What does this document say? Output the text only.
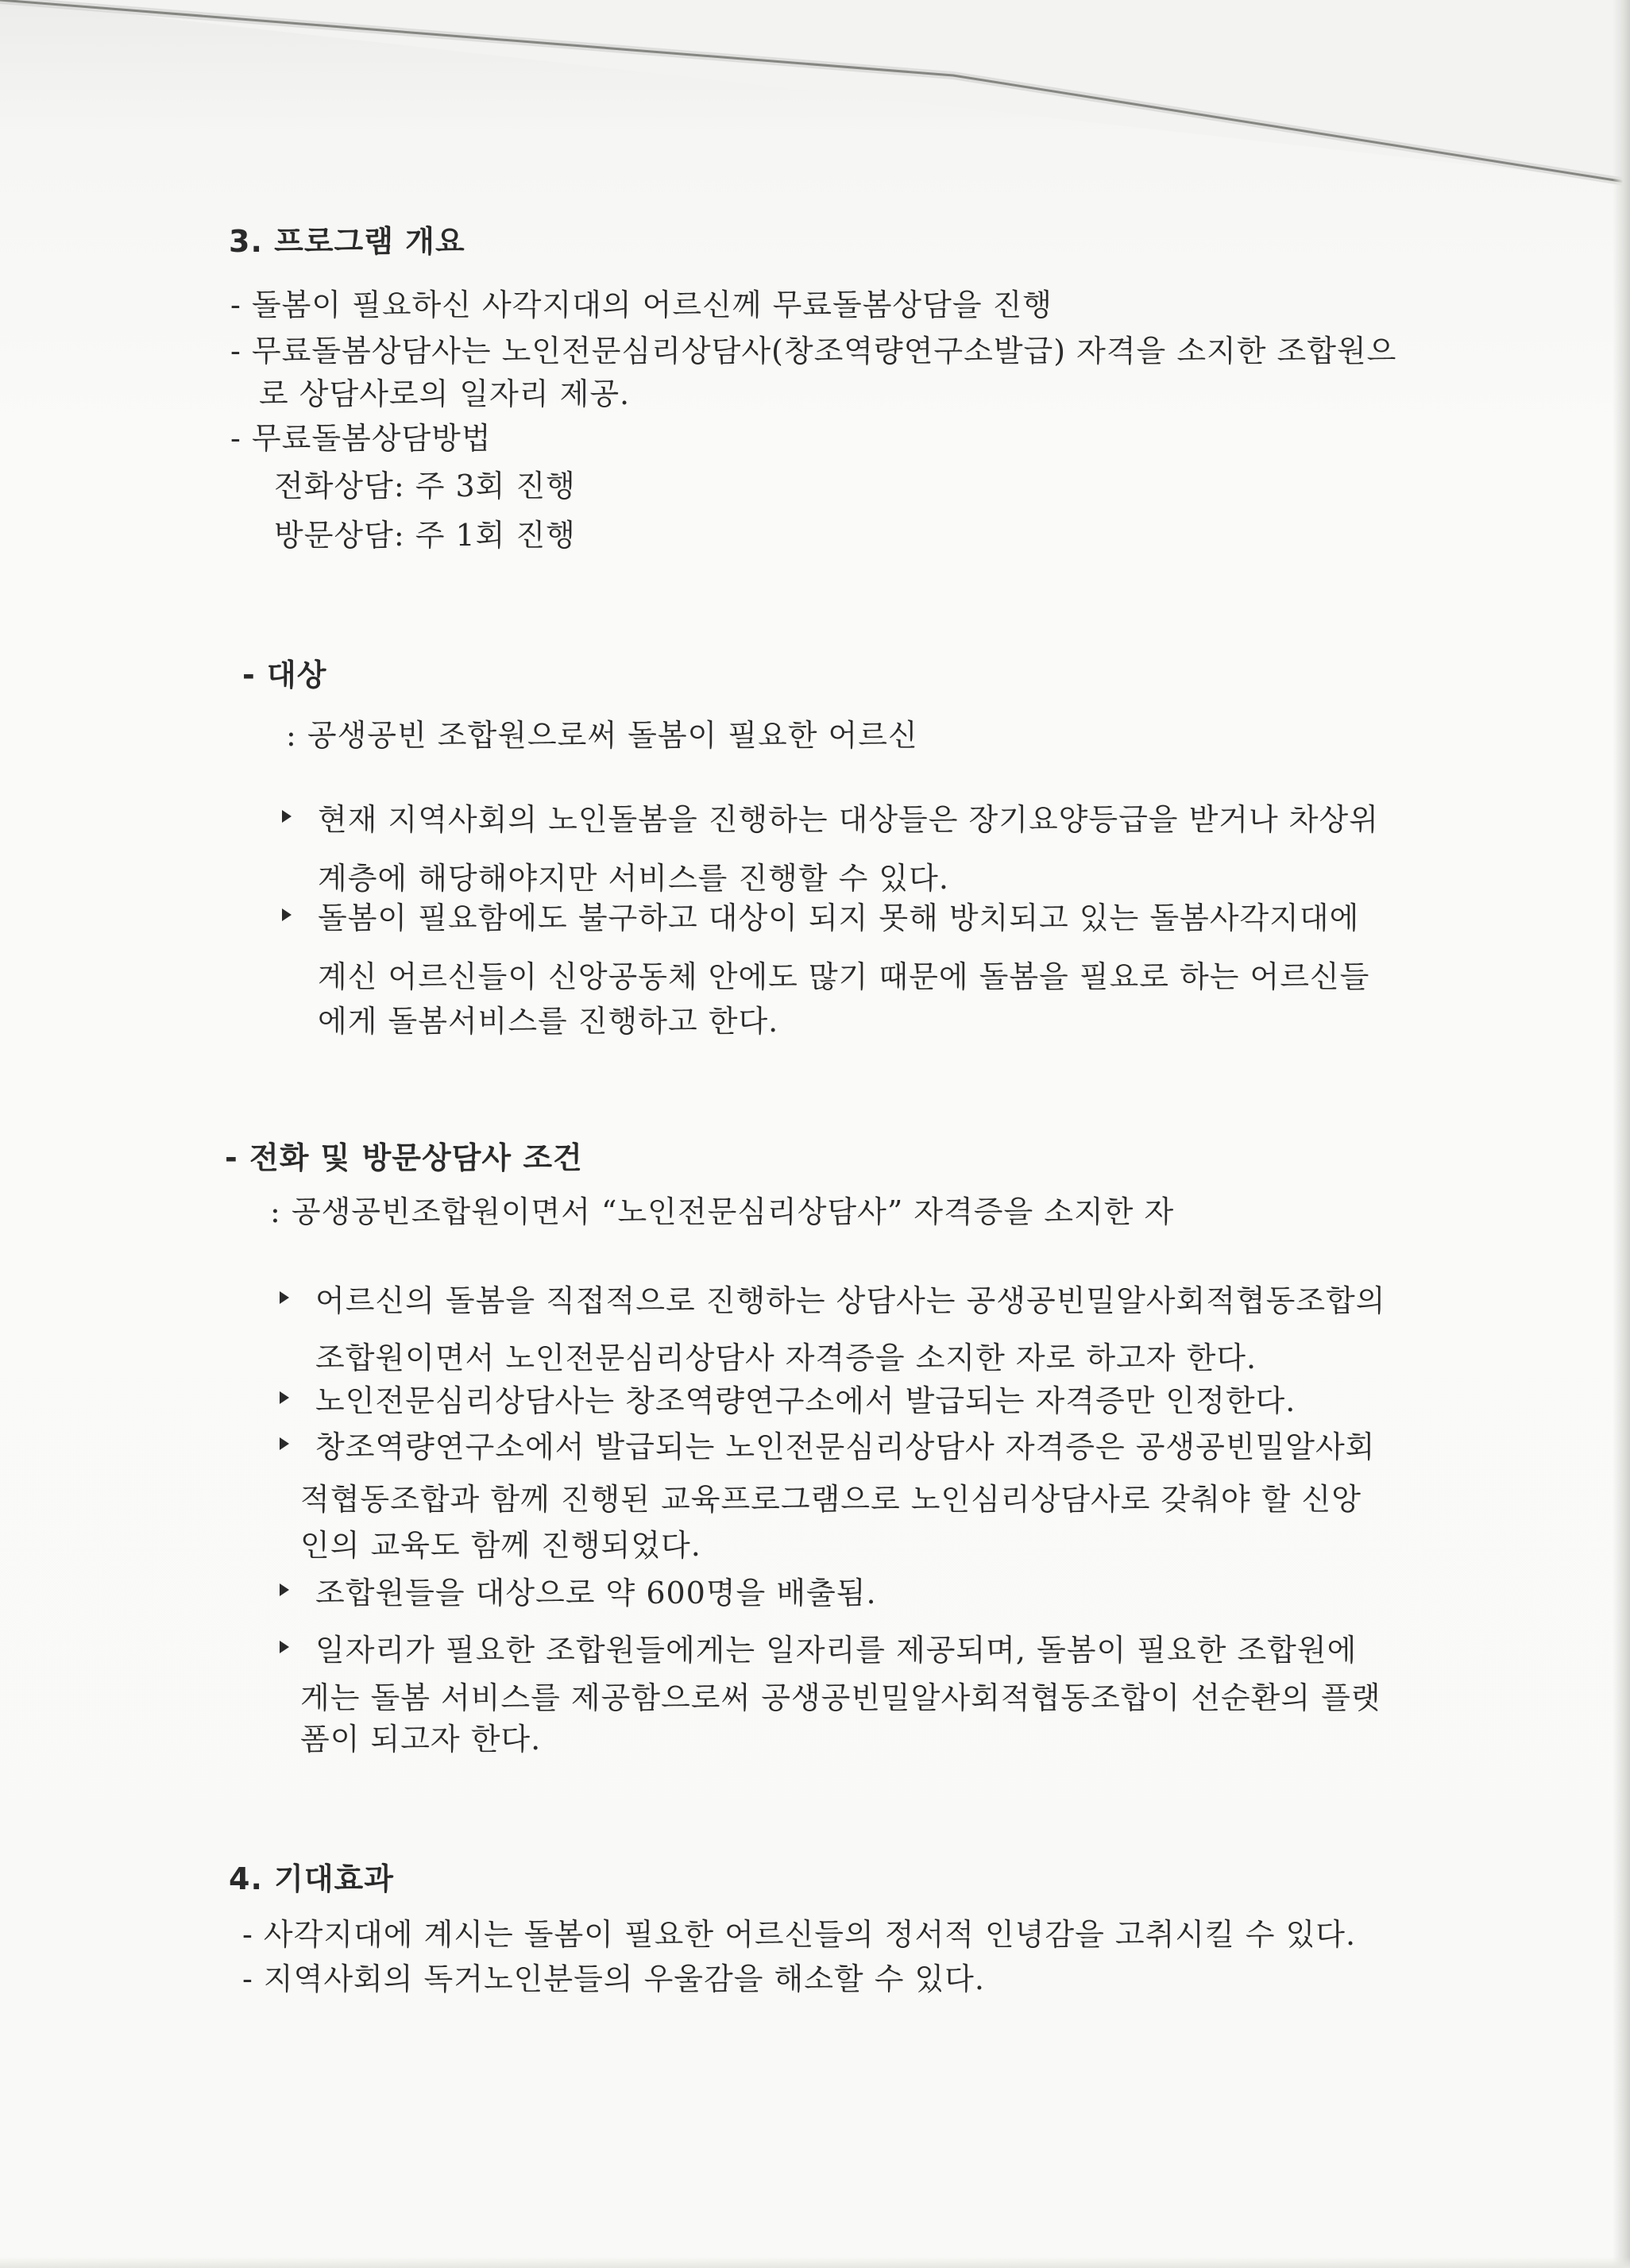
3. 프로그램 개요
- 돌봄이 필요하신 사각지대의 어르신께 무료돌봄상담을 진행
- 무료돌봄상담사는 노인전문심리상담사(창조역량연구소발급) 자격을 소지한 조합원으
로 상담사로의 일자리 제공.
- 무료돌봄상담방법
전화상담: 주 3회 진행
방문상담: 주 1회 진행
- 대상
: 공생공빈 조합원으로써 돌봄이 필요한 어르신
현재 지역사회의 노인돌봄을 진행하는 대상들은 장기요양등급을 받거나 차상위
계층에 해당해야지만 서비스를 진행할 수 있다.
돌봄이 필요함에도 불구하고 대상이 되지 못해 방치되고 있는 돌봄사각지대에
계신 어르신들이 신앙공동체 안에도 많기 때문에 돌봄을 필요로 하는 어르신들
에게 돌봄서비스를 진행하고 한다.
- 전화 및 방문상담사 조건
: 공생공빈조합원이면서 “노인전문심리상담사” 자격증을 소지한 자
어르신의 돌봄을 직접적으로 진행하는 상담사는 공생공빈밀알사회적협동조합의
조합원이면서 노인전문심리상담사 자격증을 소지한 자로 하고자 한다.
노인전문심리상담사는 창조역량연구소에서 발급되는 자격증만 인정한다.
창조역량연구소에서 발급되는 노인전문심리상담사 자격증은 공생공빈밀알사회
적협동조합과 함께 진행된 교육프로그램으로 노인심리상담사로 갖춰야 할 신앙
인의 교육도 함께 진행되었다.
조합원들을 대상으로 약 600명을 배출됨.
일자리가 필요한 조합원들에게는 일자리를 제공되며, 돌봄이 필요한 조합원에
게는 돌봄 서비스를 제공함으로써 공생공빈밀알사회적협동조합이 선순환의 플랫
폼이 되고자 한다.
4. 기대효과
- 사각지대에 계시는 돌봄이 필요한 어르신들의 정서적 인녕감을 고취시킬 수 있다.
- 지역사회의 독거노인분들의 우울감을 해소할 수 있다.
